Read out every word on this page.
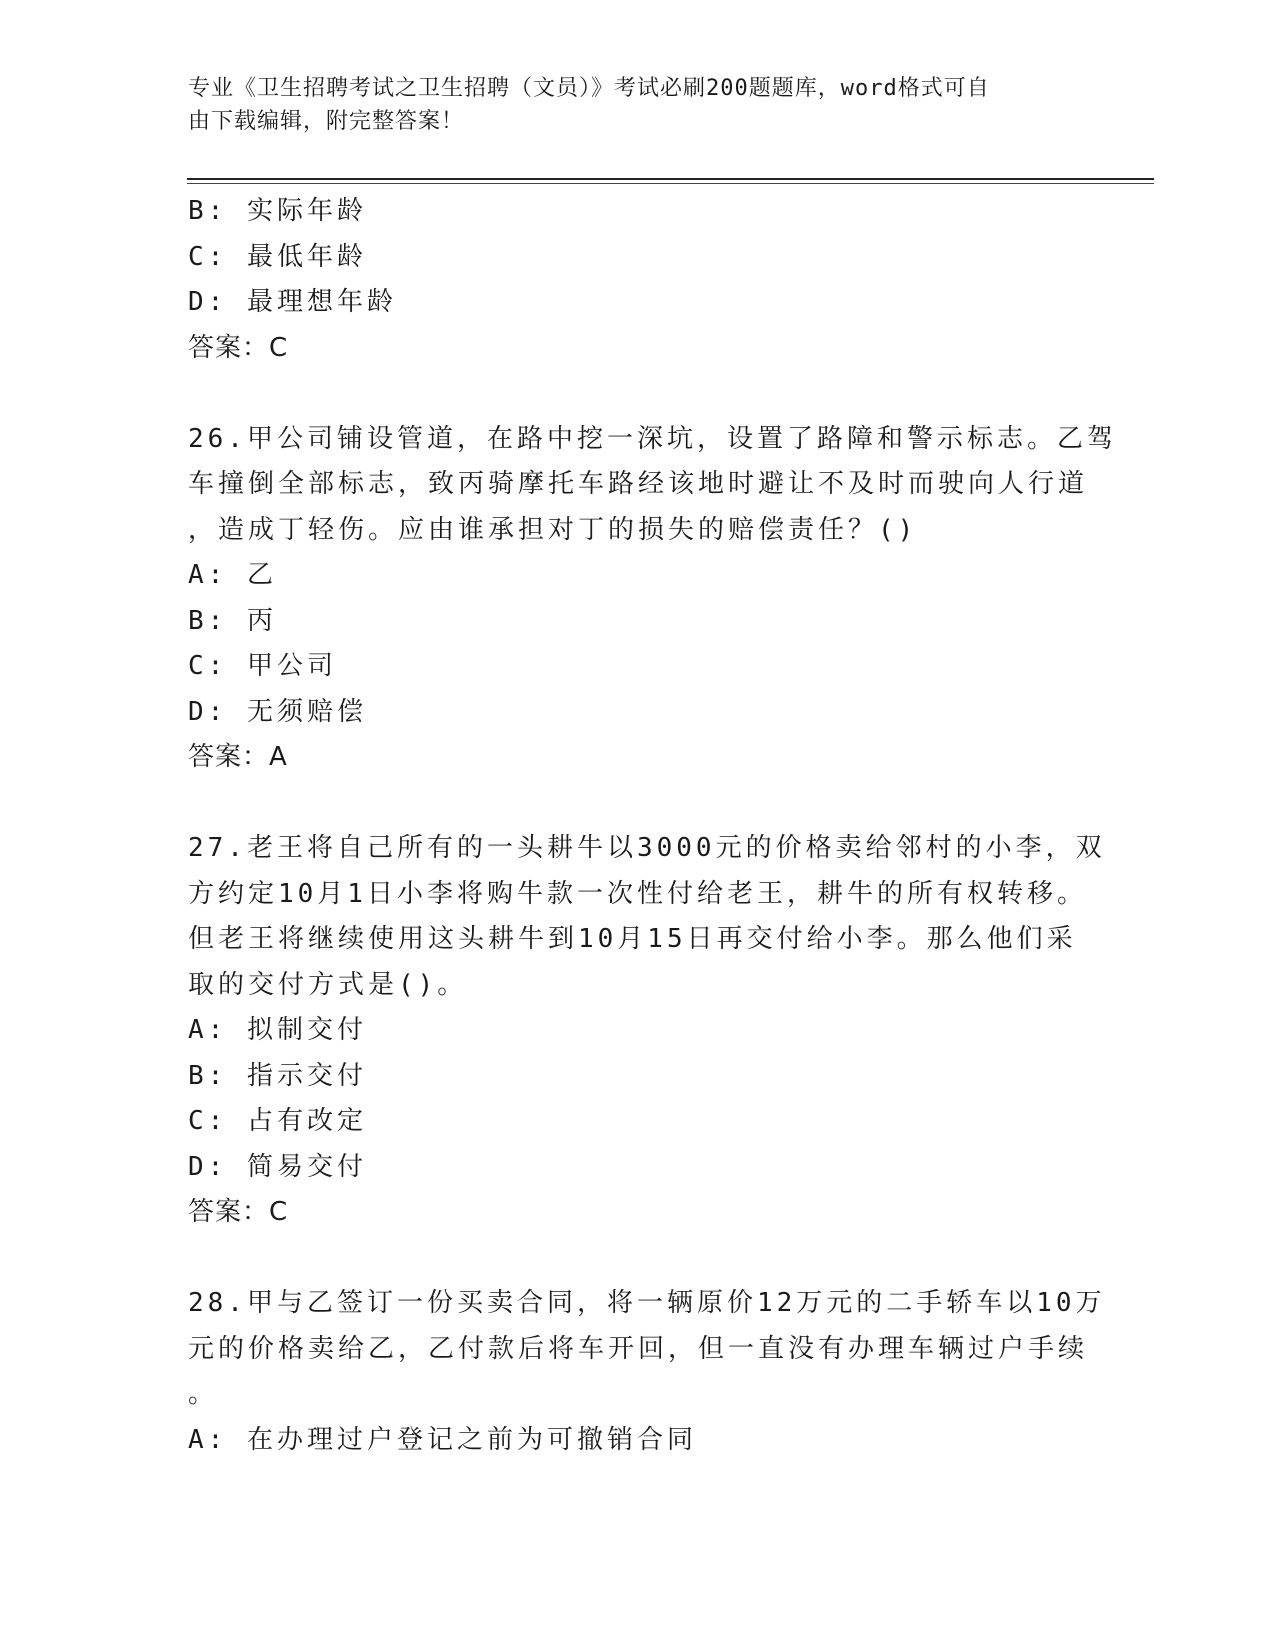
专业《卫生招聘考试之卫生招聘（文员）》考试必刷200题题库，word格式可自
由下载编辑，附完整答案！

B: 实际年龄

C: 最低年龄

D: 最理想年龄

答案：C

26.甲公司铺设管道，在路中挖一深坑，设置了路障和警示标志。乙驾

车撞倒全部标志，致丙骑摩托车路经该地时避让不及时而驶向人行道

，造成丁轻伤。应由谁承担对丁的损失的赔偿责任？()

A: 乙

B: 丙

C: 甲公司

D: 无须赔偿

答案：A

27.老王将自己所有的一头耕牛以3000元的价格卖给邻村的小李，双

方约定10月1日小李将购牛款一次性付给老王，耕牛的所有权转移。

但老王将继续使用这头耕牛到10月15日再交付给小李。那么他们采

取的交付方式是()。

A: 拟制交付

B: 指示交付

C: 占有改定

D: 简易交付

答案：C

28.甲与乙签订一份买卖合同，将一辆原价12万元的二手轿车以10万

元的价格卖给乙，乙付款后将车开回，但一直没有办理车辆过户手续

。

A: 在办理过户登记之前为可撤销合同
